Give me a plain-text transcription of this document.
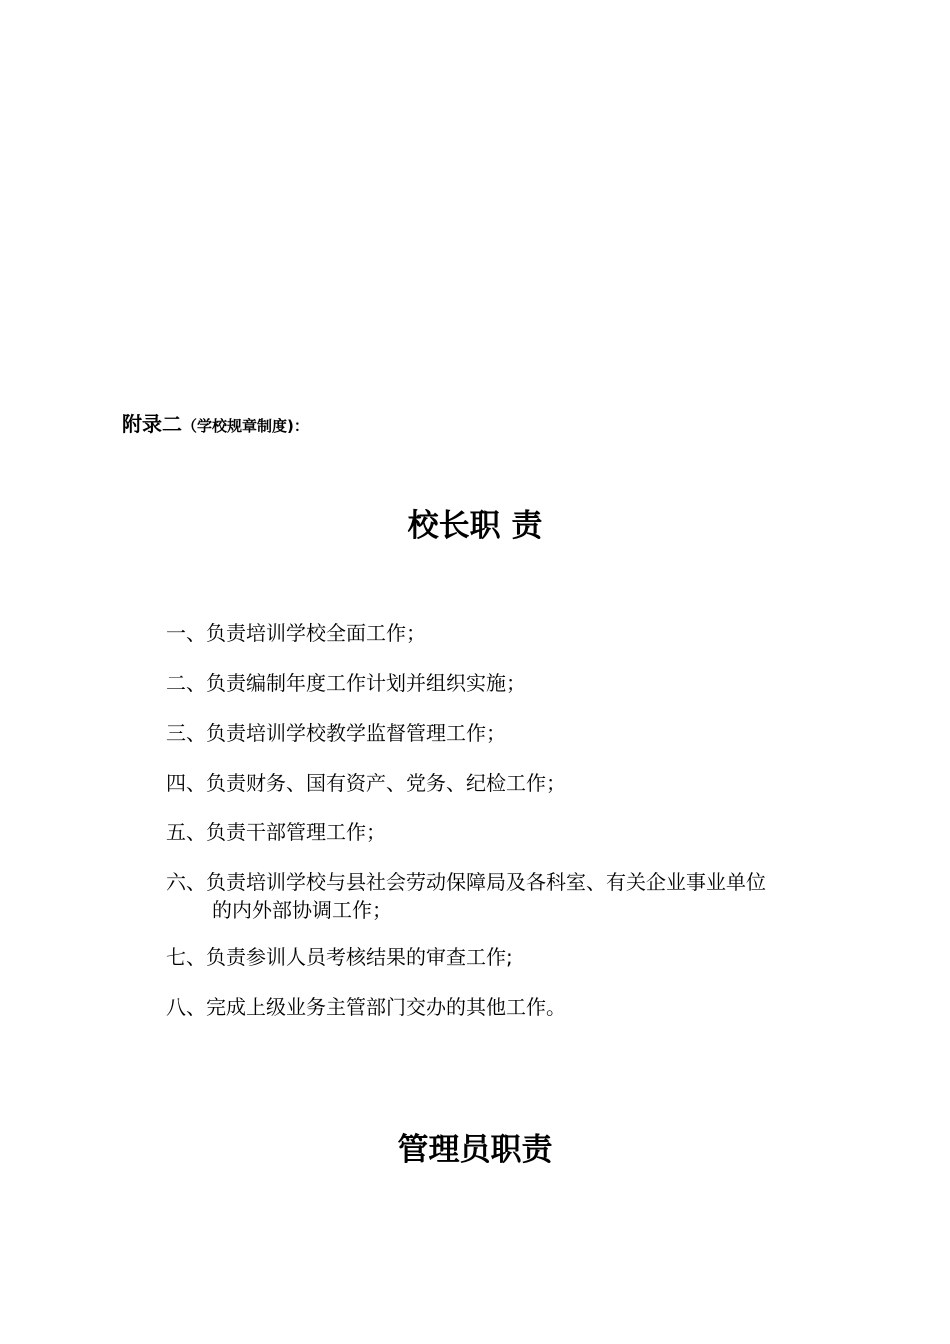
附录二（学校规章制度)：
校长职 责
一、负责培训学校全面工作；
二、负责编制年度工作计划并组织实施；
三、负责培训学校教学监督管理工作；
四、负责财务、国有资产、党务、纪检工作；
五、负责干部管理工作；
六、负责培训学校与县社会劳动保障局及各科室、有关企业事业单位
的内外部协调工作；
七、负责参训人员考核结果的审查工作;
八、完成上级业务主管部门交办的其他工作。
管理员职责
